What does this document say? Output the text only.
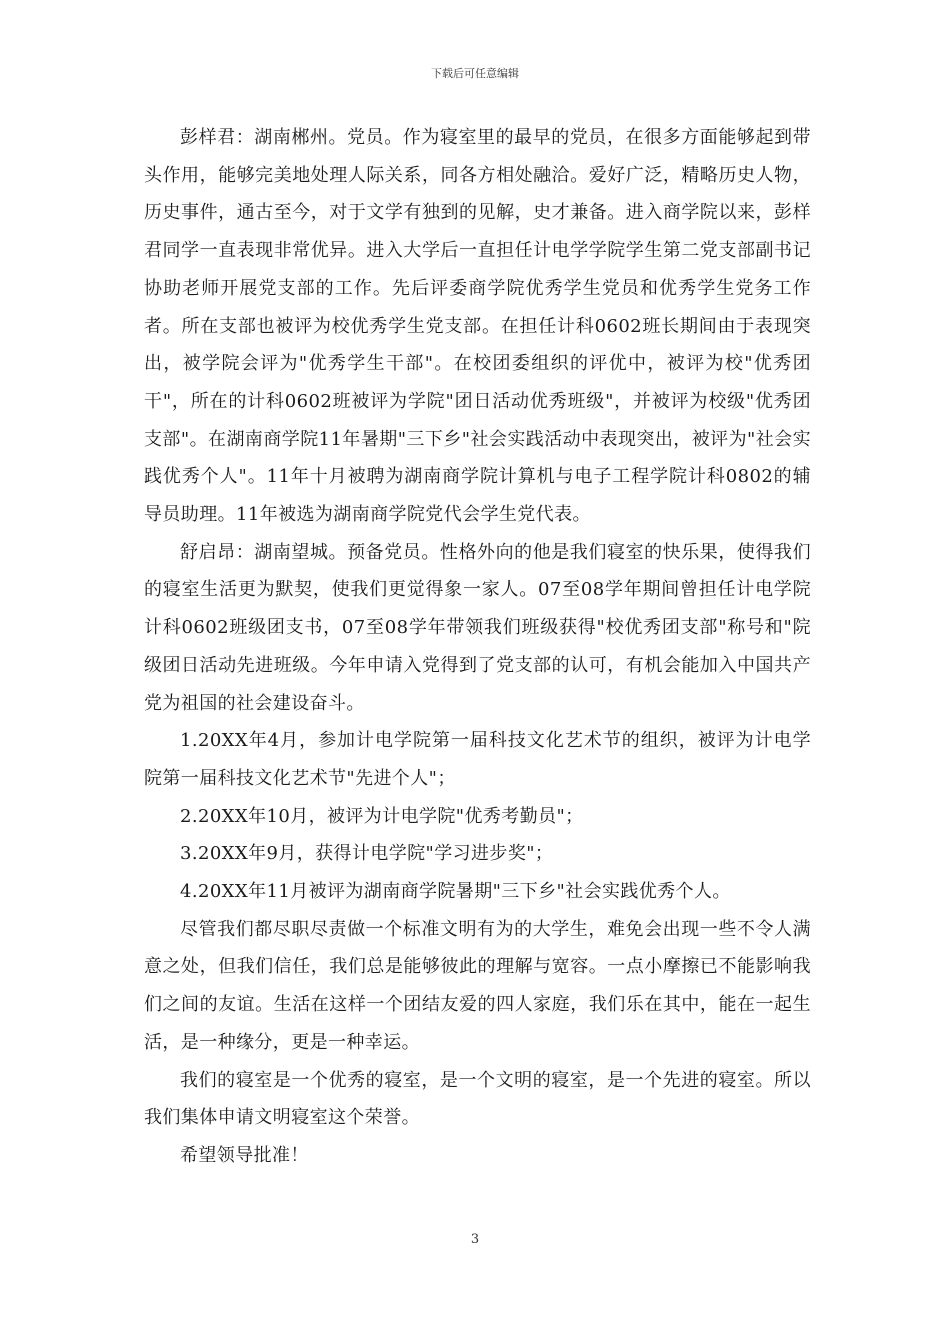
下载后可任意编辑

彭样君：湖南郴州。党员。作为寝室里的最早的党员，在很多方面能够起到带头作用，能够完美地处理人际关系，同各方相处融洽。爱好广泛，精略历史人物，历史事件，通古至今，对于文学有独到的见解，史才兼备。进入商学院以来，彭样君同学一直表现非常优异。进入大学后一直担任计电学学院学生第二党支部副书记协助老师开展党支部的工作。先后评委商学院优秀学生党员和优秀学生党务工作者。所在支部也被评为校优秀学生党支部。在担任计科0602班长期间由于表现突出，被学院会评为"优秀学生干部"。在校团委组织的评优中，被评为校"优秀团干"，所在的计科0602班被评为学院"团日活动优秀班级"，并被评为校级"优秀团支部"。在湖南商学院11年暑期"三下乡"社会实践活动中表现突出，被评为"社会实践优秀个人"。11年十月被聘为湖南商学院计算机与电子工程学院计科0802的辅导员助理。11年被选为湖南商学院党代会学生党代表。

舒启昂：湖南望城。预备党员。性格外向的他是我们寝室的快乐果，使得我们的寝室生活更为默契，使我们更觉得象一家人。07至08学年期间曾担任计电学院计科0602班级团支书，07至08学年带领我们班级获得"校优秀团支部"称号和"院级团日活动先进班级。今年申请入党得到了党支部的认可，有机会能加入中国共产党为祖国的社会建设奋斗。

1.20XX年4月，参加计电学院第一届科技文化艺术节的组织，被评为计电学院第一届科技文化艺术节"先进个人"；

2.20XX年10月，被评为计电学院"优秀考勤员"；

3.20XX年9月，获得计电学院"学习进步奖"；

4.20XX年11月被评为湖南商学院暑期"三下乡"社会实践优秀个人。

尽管我们都尽职尽责做一个标准文明有为的大学生，难免会出现一些不令人满意之处，但我们信任，我们总是能够彼此的理解与宽容。一点小摩擦已不能影响我们之间的友谊。生活在这样一个团结友爱的四人家庭，我们乐在其中，能在一起生活，是一种缘分，更是一种幸运。

我们的寝室是一个优秀的寝室，是一个文明的寝室，是一个先进的寝室。所以我们集体申请文明寝室这个荣誉。

希望领导批准！

3
